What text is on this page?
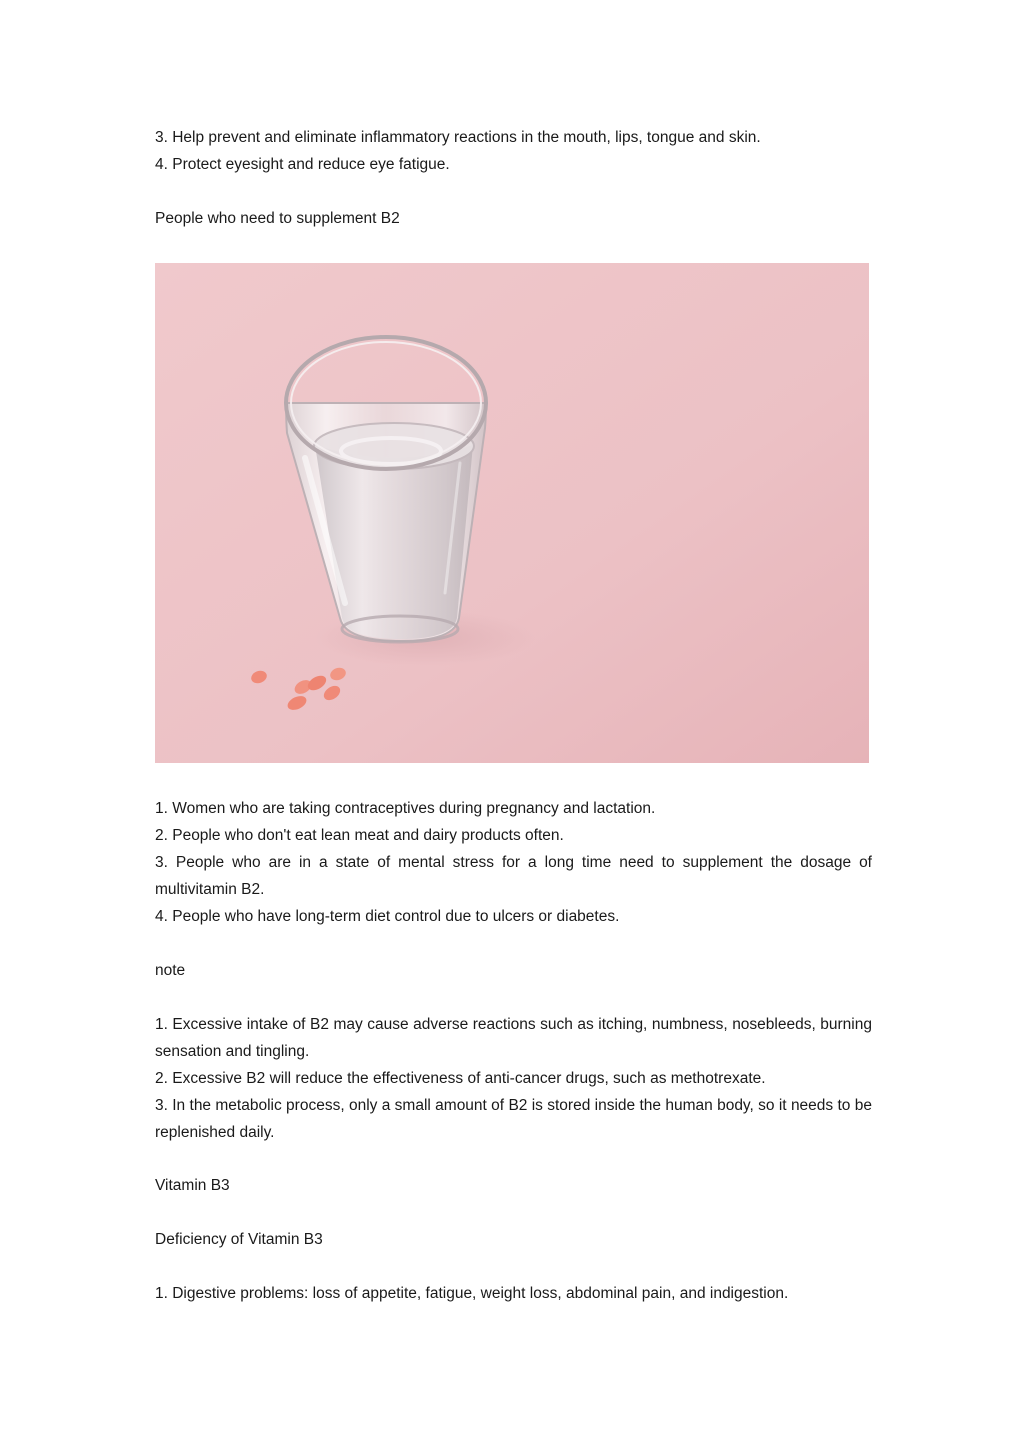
3. Help prevent and eliminate inflammatory reactions in the mouth, lips, tongue and skin.
4. Protect eyesight and reduce eye fatigue.
People who need to supplement B2
1. Women who are taking contraceptives during pregnancy and lactation.
2. People who don't eat lean meat and dairy products often.
3. People who are in a state of mental stress for a long time need to supplement the dosage of multivitamin B2.
4. People who have long-term diet control due to ulcers or diabetes.
note
1. Excessive intake of B2 may cause adverse reactions such as itching, numbness, nosebleeds, burning sensation and tingling.
2. Excessive B2 will reduce the effectiveness of anti-cancer drugs, such as methotrexate.
3. In the metabolic process, only a small amount of B2 is stored inside the human body, so it needs to be replenished daily.
Vitamin B3
Deficiency of Vitamin B3
1. Digestive problems: loss of appetite, fatigue, weight loss, abdominal pain, and indigestion.
